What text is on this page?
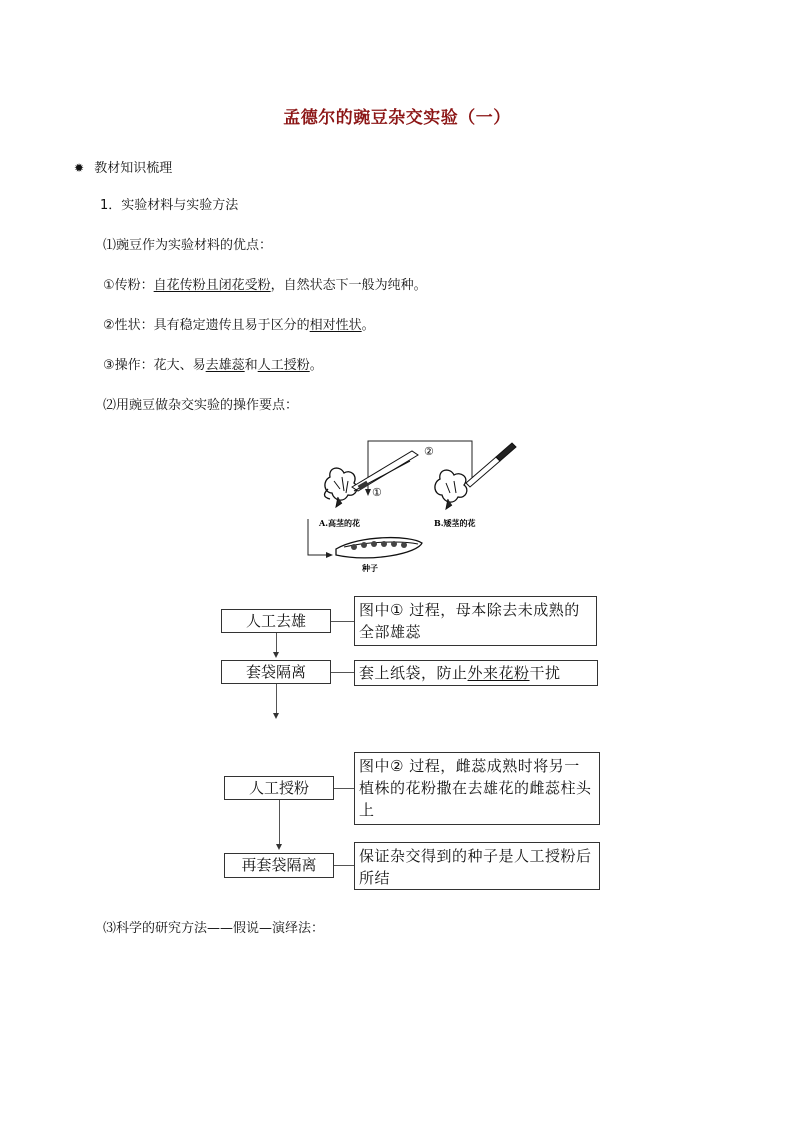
孟德尔的豌豆杂交实验（一）
✹ 教材知识梳理
1．实验材料与实验方法
⑴豌豆作为实验材料的优点：
①传粉：自花传粉且闭花受粉，自然状态下一般为纯种。
②性状：具有稳定遗传且易于区分的相对性状。
③操作：花大、易去雄蕊和人工授粉。
⑵用豌豆做杂交实验的操作要点：
①
②
A.高茎的花	B.矮茎的花
种子
人工去雄
图中① 过程，母本除去未成熟的全部雄蕊
套袋隔离	套上纸袋，防止外来花粉干扰
人工授粉
图中② 过程，雌蕊成熟时将另一植株的花粉撒在去雄花的雌蕊柱头上
再套袋隔离	保证杂交得到的种子是人工授粉后所结
⑶科学的研究方法——假说—演绎法：
